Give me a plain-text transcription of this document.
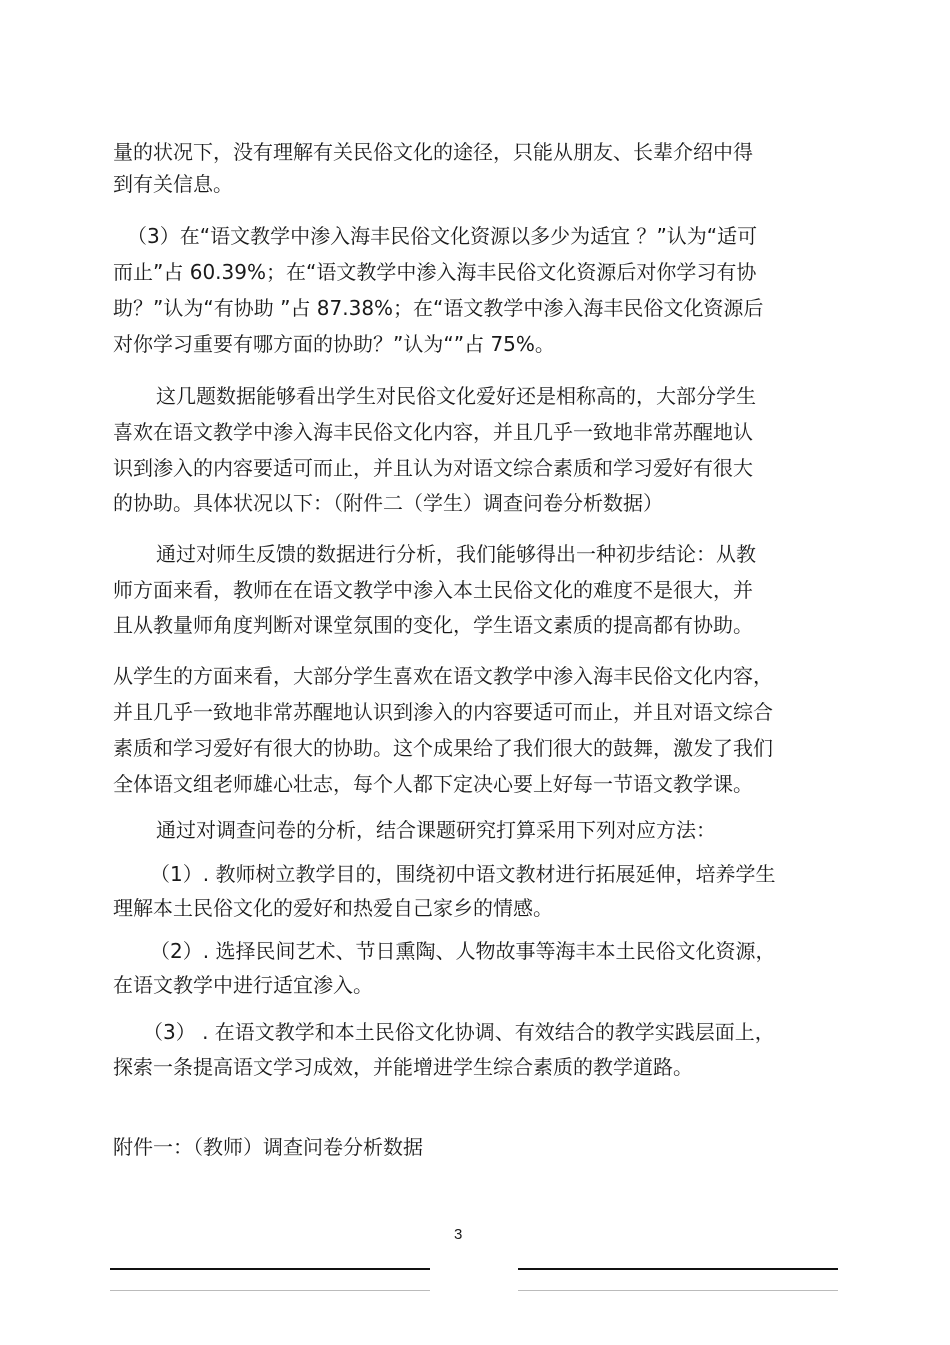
量的状况下，没有理解有关民俗文化的途径，只能从朋友、长辈介绍中得
到有关信息。
（3）在“语文教学中渗入海丰民俗文化资源以多少为适宜 ？”认为“适可
而止”占 60.39%；在“语文教学中渗入海丰民俗文化资源后对你学习有协
助？”认为“有协助 ”占 87.38%；在“语文教学中渗入海丰民俗文化资源后
对你学习重要有哪方面的协助？”认为“”占 75%。
这几题数据能够看出学生对民俗文化爱好还是相称高的，大部分学生
喜欢在语文教学中渗入海丰民俗文化内容，并且几乎一致地非常苏醒地认
识到渗入的内容要适可而止，并且认为对语文综合素质和学习爱好有很大
的协助。具体状况以下：（附件二（学生）调查问卷分析数据）
通过对师生反馈的数据进行分析，我们能够得出一种初步结论：从教
师方面来看，教师在在语文教学中渗入本土民俗文化的难度不是很大，并
且从教量师角度判断对课堂氛围的变化，学生语文素质的提高都有协助。
从学生的方面来看，大部分学生喜欢在语文教学中渗入海丰民俗文化内容，
并且几乎一致地非常苏醒地认识到渗入的内容要适可而止，并且对语文综合
素质和学习爱好有很大的协助。这个成果给了我们很大的鼓舞，激发了我们
全体语文组老师雄心壮志，每个人都下定决心要上好每一节语文教学课。
通过对调查问卷的分析，结合课题研究打算采用下列对应方法：
（1）. 教师树立教学目的，围绕初中语文教材进行拓展延伸，培养学生
理解本土民俗文化的爱好和热爱自己家乡的情感。
（2）. 选择民间艺术、节日熏陶、人物故事等海丰本土民俗文化资源，
在语文教学中进行适宜渗入。
（3） . 在语文教学和本土民俗文化协调、有效结合的教学实践层面上，
探索一条提高语文学习成效，并能增进学生综合素质的教学道路。
附件一：（教师）调查问卷分析数据
3
